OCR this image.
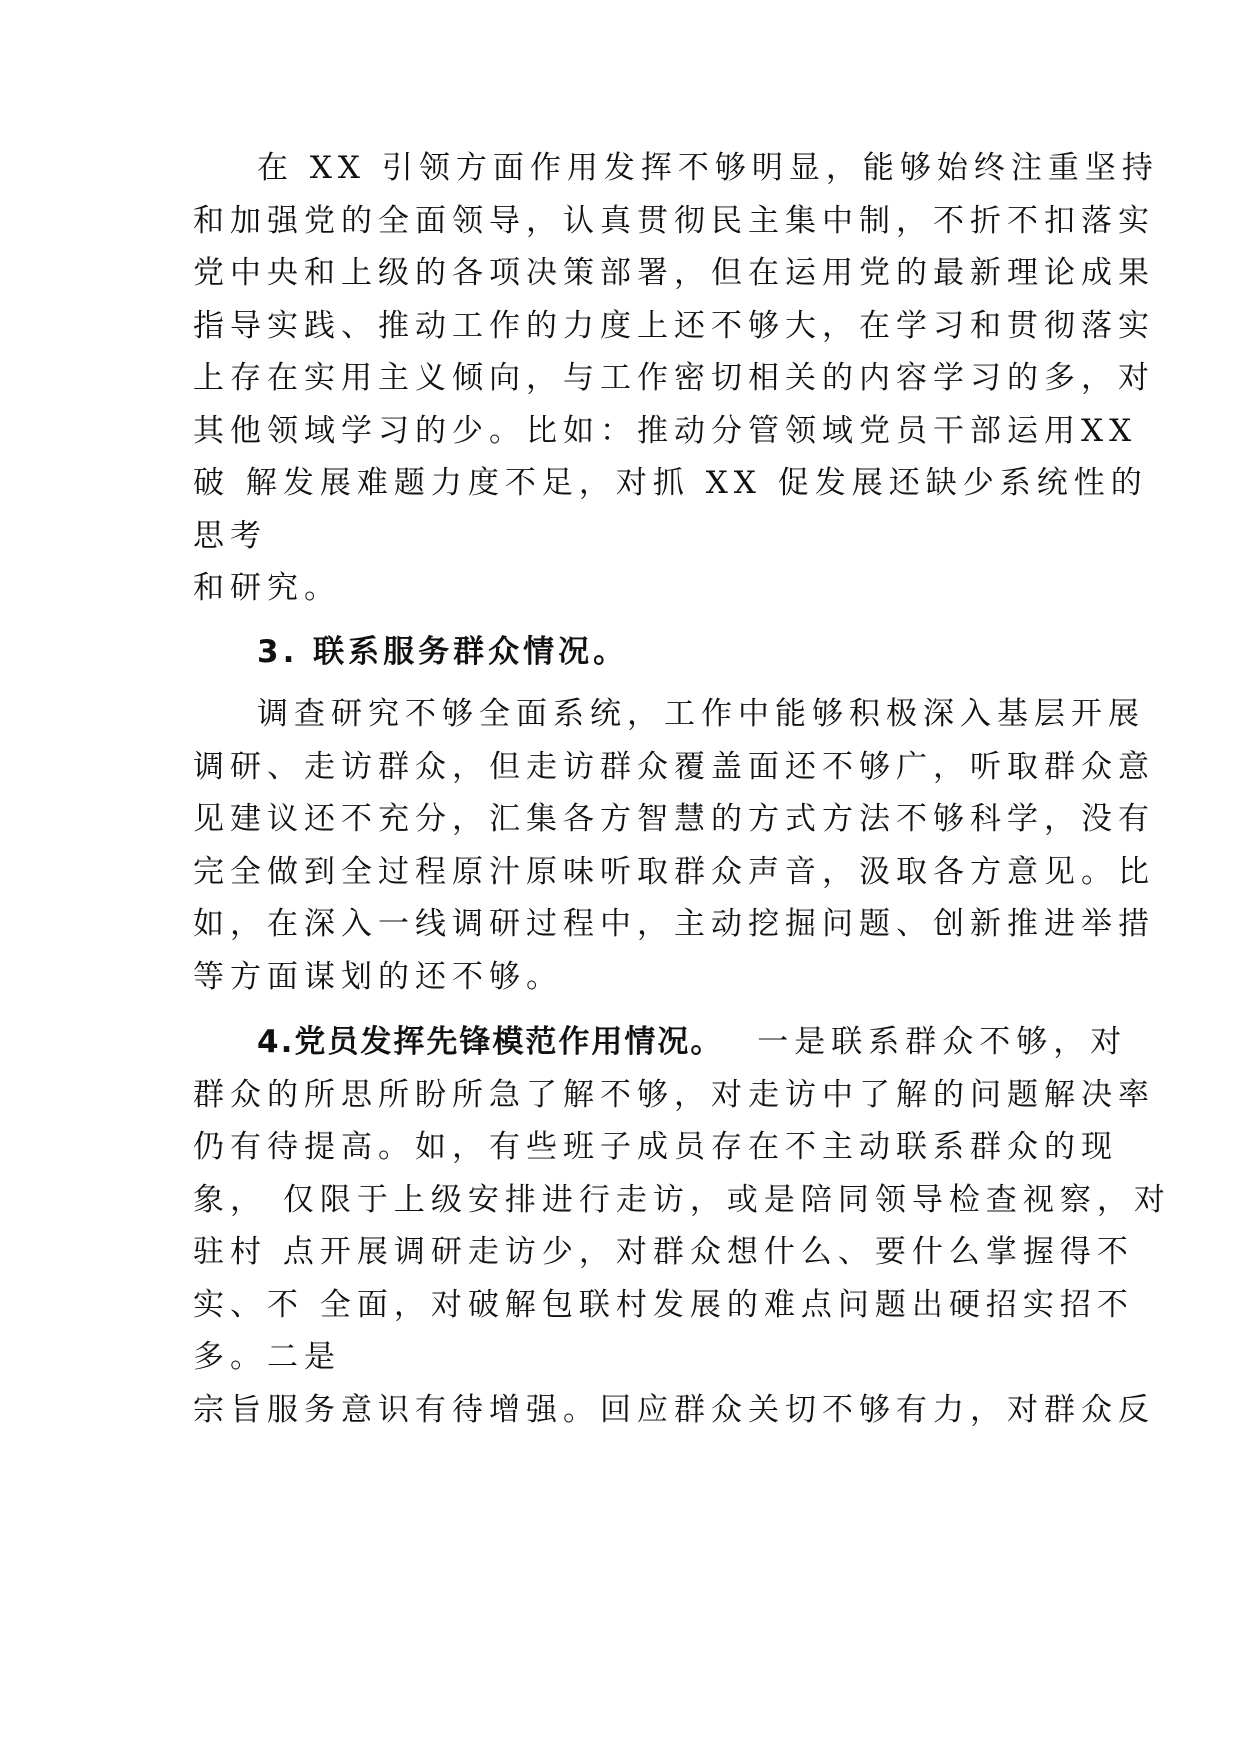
在 XX 引领方面作用发挥不够明显，能够始终注重坚持
和加强党的全面领导，认真贯彻民主集中制，不折不扣落实
党中央和上级的各项决策部署，但在运用党的最新理论成果
指导实践、推动工作的力度上还不够大，在学习和贯彻落实
上存在实用主义倾向，与工作密切相关的内容学习的多，对
其他领域学习的少。比如：推动分管领域党员干部运用XX
破 解发展难题力度不足，对抓 XX 促发展还缺少系统性的
思考
和研究。
3. 联系服务群众情况。
调查研究不够全面系统，工作中能够积极深入基层开展
调研、走访群众，但走访群众覆盖面还不够广，听取群众意
见建议还不充分，汇集各方智慧的方式方法不够科学，没有
完全做到全过程原汁原味听取群众声音，汲取各方意见。比
如，在深入一线调研过程中，主动挖掘问题、创新推进举措
等方面谋划的还不够。
4.党员发挥先锋模范作用情况。 一是联系群众不够，对
群众的所思所盼所急了解不够，对走访中了解的问题解决率
仍有待提高。如，有些班子成员存在不主动联系群众的现
象， 仅限于上级安排进行走访，或是陪同领导检查视察，对
驻村 点开展调研走访少，对群众想什么、要什么掌握得不
实、不 全面，对破解包联村发展的难点问题出硬招实招不
多。二是
宗旨服务意识有待增强。回应群众关切不够有力，对群众反
